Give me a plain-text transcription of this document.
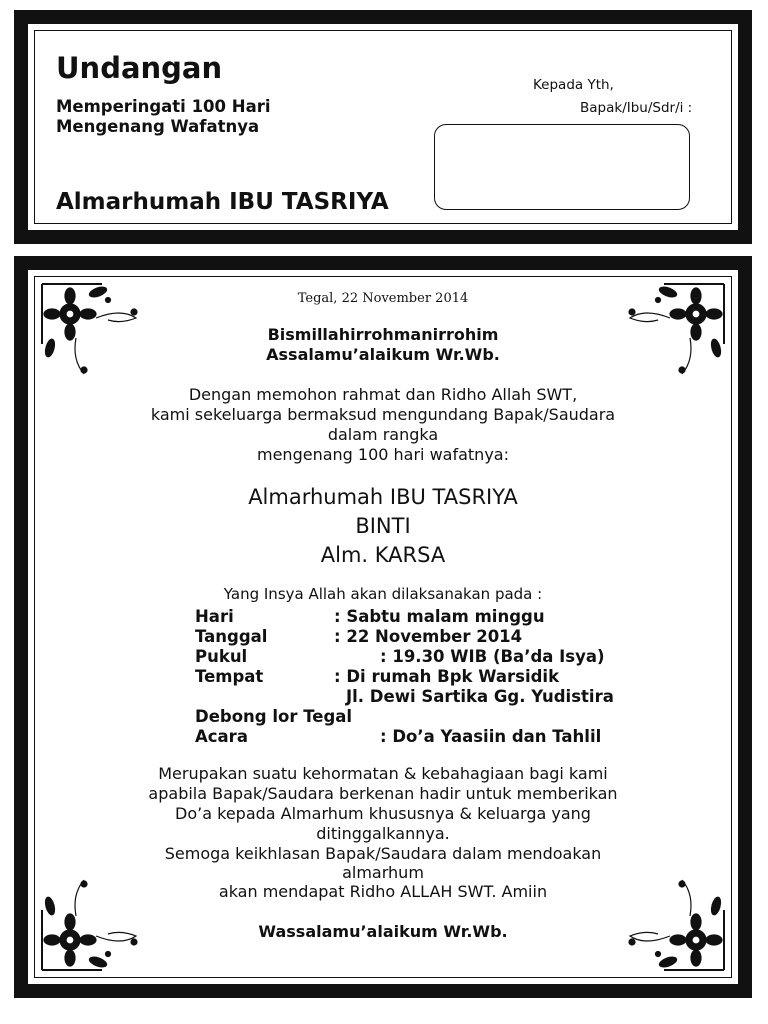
Undangan
Memperingati 100 Hari
Mengenang Wafatnya
Almarhumah IBU TASRIYA
Kepada Yth,
Bapak/Ibu/Sdr/i :
Tegal, 22 November 2014
Bismillahirrohmanirrohim
Assalamu’alaikum Wr.Wb.
Dengan memohon rahmat dan Ridho Allah SWT,
kami sekeluarga bermaksud mengundang Bapak/Saudara
dalam rangka
mengenang 100 hari wafatnya:
Almarhumah IBU TASRIYA
BINTI
Alm. KARSA
Yang Insya Allah akan dilaksanakan pada :
Hari	: Sabtu malam minggu
Tanggal	: 22 November 2014
Pukul	: 19.30 WIB (Ba’da Isya)
Tempat	: Di rumah Bpk Warsidik
Jl. Dewi Sartika Gg. Yudistira
Debong lor Tegal
Acara	: Do’a Yaasiin dan Tahlil
Merupakan suatu kehormatan & kebahagiaan bagi kami
apabila Bapak/Saudara berkenan hadir untuk memberikan
Do’a kepada Almarhum khususnya & keluarga yang
ditinggalkannya.
Semoga keikhlasan Bapak/Saudara dalam mendoakan
almarhum
akan mendapat Ridho ALLAH SWT. Amiin
Wassalamu’alaikum Wr.Wb.
